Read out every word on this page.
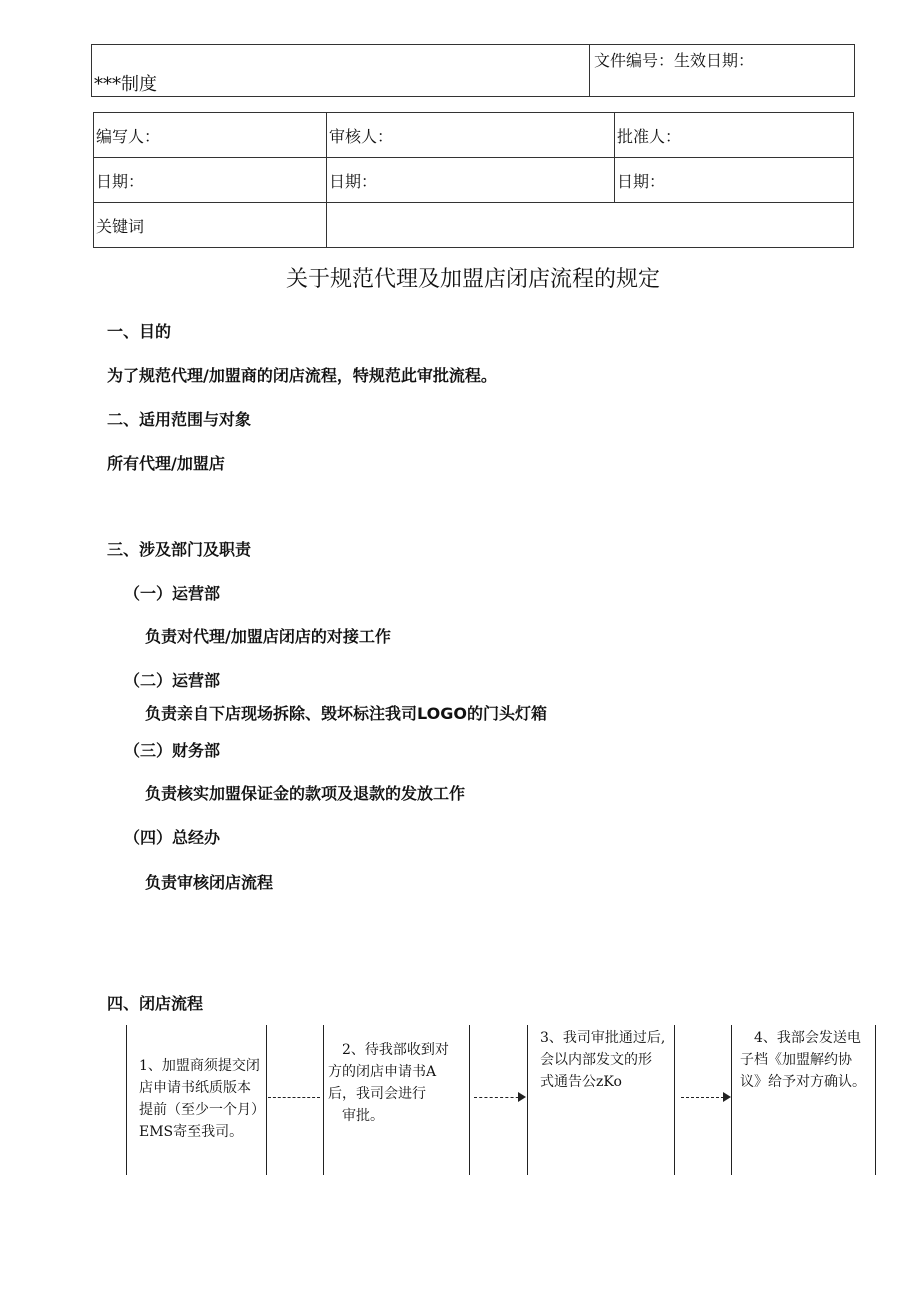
***制度
文件编号：生效日期：
编写人：	审核人：	批准人：
日期：	日期：	日期：
关键词		
关于规范代理及加盟店闭店流程的规定
一、目的
为了规范代理/加盟商的闭店流程，特规范此审批流程。
二、适用范围与对象
所有代理/加盟店
三、涉及部门及职责
（一）运营部
负责对代理/加盟店闭店的对接工作
（二）运营部
负责亲自下店现场拆除、毁坏标注我司LOGO的门头灯箱
（三）财务部
负责核实加盟保证金的款项及退款的发放工作
（四）总经办
负责审核闭店流程
四、闭店流程
1、加盟商须提交闭
店申请书纸质版本
提前（至少一个月）
EMS寄至我司。
2、待我部收到对
方的闭店申请书A
后，我司会进行
审批。
3、我司审批通过后,
会以内部发文的形
式通告公zKo
4、我部会发送电
子档《加盟解约协
议》给予对方确认。
